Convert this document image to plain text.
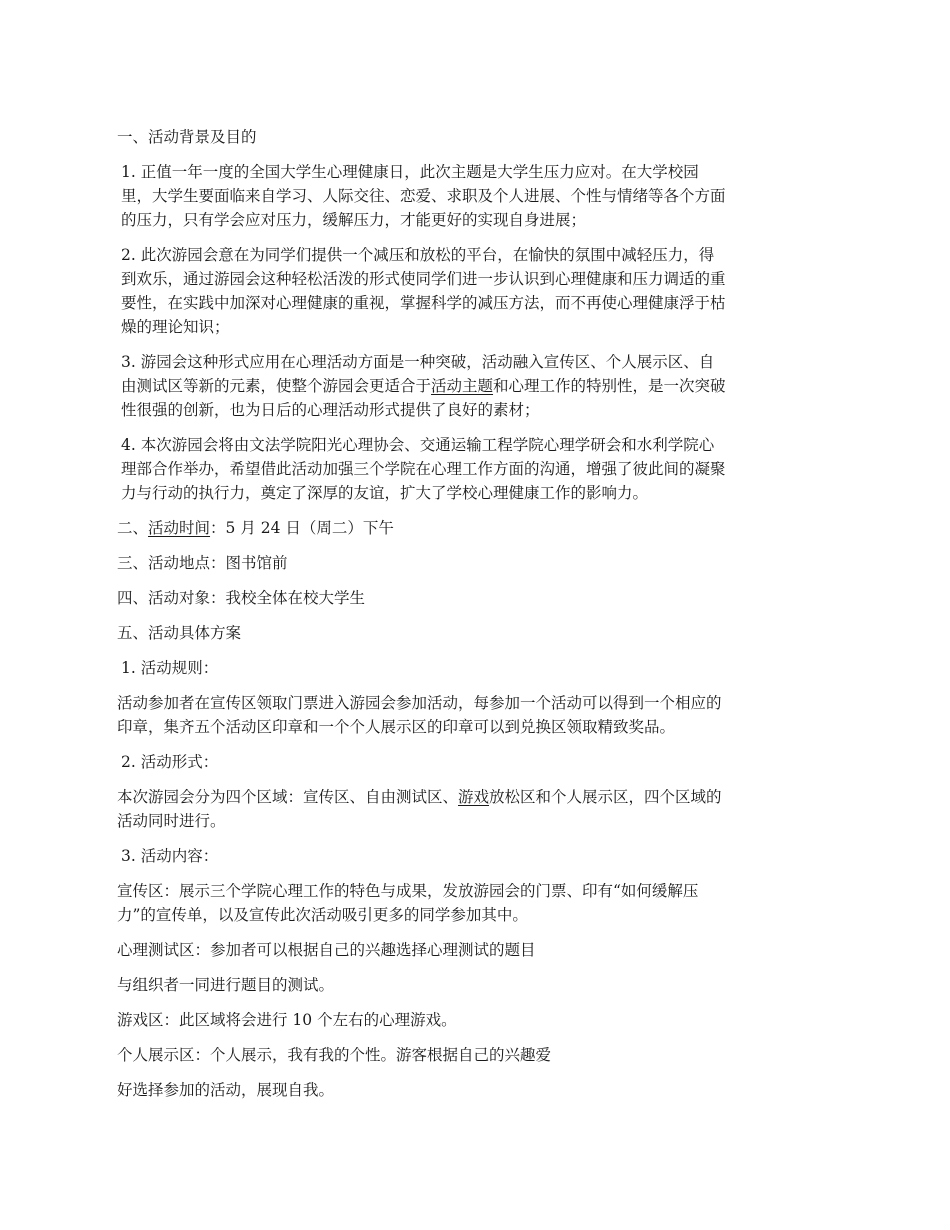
一、活动背景及目的

1. 正值一年一度的全国大学生心理健康日，此次主题是大学生压力应对。在大学校园
里，大学生要面临来自学习、人际交往、恋爱、求职及个人进展、个性与情绪等各个方面
的压力，只有学会应对压力，缓解压力，才能更好的实现自身进展；
2. 此次游园会意在为同学们提供一个减压和放松的平台，在愉快的氛围中减轻压力，得
到欢乐，通过游园会这种轻松活泼的形式使同学们进一步认识到心理健康和压力调适的重
要性，在实践中加深对心理健康的重视，掌握科学的减压方法，而不再使心理健康浮于枯
燥的理论知识；
3. 游园会这种形式应用在心理活动方面是一种突破，活动融入宣传区、个人展示区、自
由测试区等新的元素，使整个游园会更适合于活动主题和心理工作的特别性，是一次突破
性很强的创新，也为日后的心理活动形式提供了良好的素材；
4. 本次游园会将由文法学院阳光心理协会、交通运输工程学院心理学研会和水利学院心
理部合作举办，希望借此活动加强三个学院在心理工作方面的沟通，增强了彼此间的凝聚
力与行动的执行力，奠定了深厚的友谊，扩大了学校心理健康工作的影响力。

二、活动时间：5 月 24 日（周二）下午

三、活动地点：图书馆前

四、活动对象：我校全体在校大学生

五、活动具体方案

1. 活动规则：

活动参加者在宣传区领取门票进入游园会参加活动，每参加一个活动可以得到一个相应的
印章，集齐五个活动区印章和一个个人展示区的印章可以到兑换区领取精致奖品。

2. 活动形式：

本次游园会分为四个区域：宣传区、自由测试区、游戏放松区和个人展示区，四个区域的
活动同时进行。

3. 活动内容：

宣传区：展示三个学院心理工作的特色与成果，发放游园会的门票、印有“如何缓解压
力”的宣传单，以及宣传此次活动吸引更多的同学参加其中。

心理测试区：参加者可以根据自己的兴趣选择心理测试的题目

与组织者一同进行题目的测试。

游戏区：此区域将会进行 10 个左右的心理游戏。

个人展示区：个人展示，我有我的个性。游客根据自己的兴趣爱

好选择参加的活动，展现自我。
